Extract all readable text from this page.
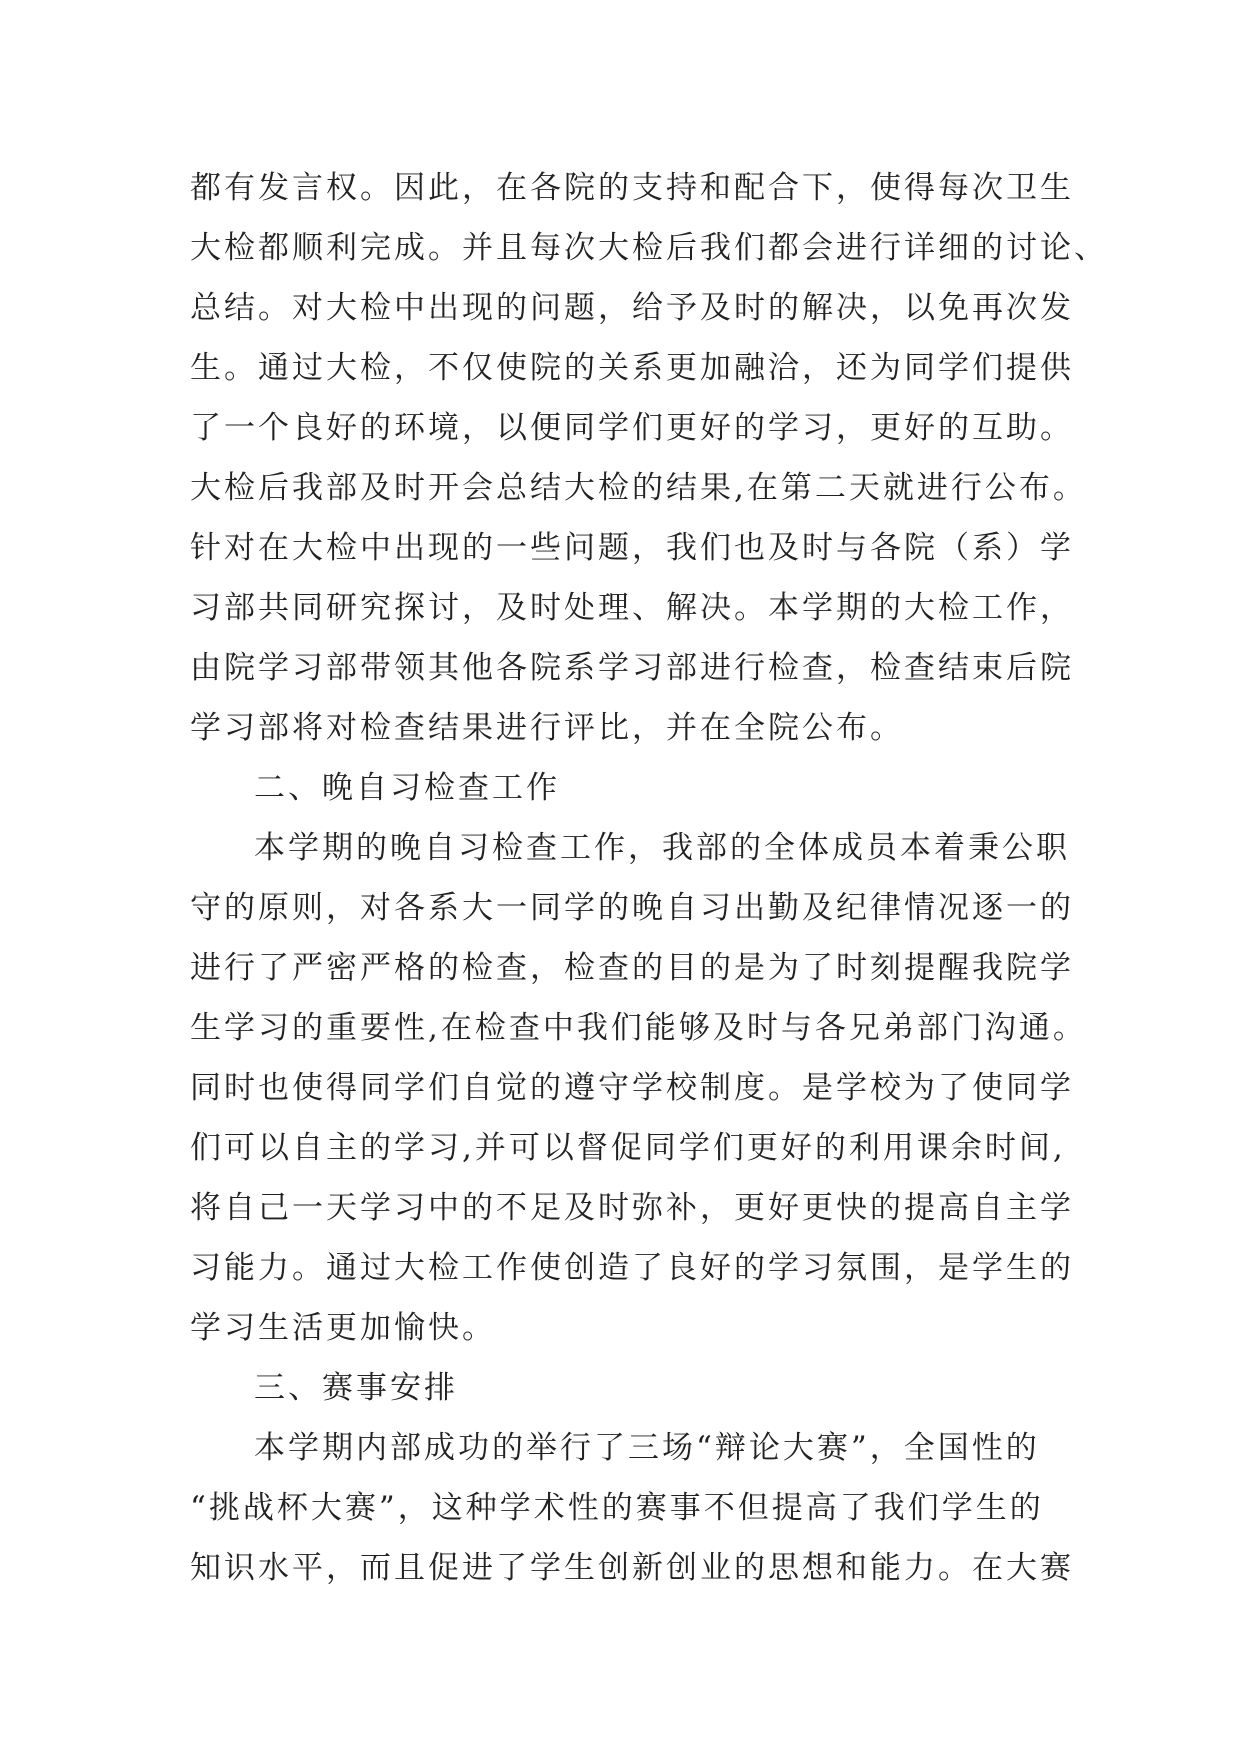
都有发言权。因此，在各院的支持和配合下，使得每次卫生
大检都顺利完成。并且每次大检后我们都会进行详细的讨论、
总结。对大检中出现的问题，给予及时的解决，以免再次发
生。通过大检，不仅使院的关系更加融洽，还为同学们提供
了一个良好的环境，以便同学们更好的学习，更好的互助。
大检后我部及时开会总结大检的结果,在第二天就进行公布。
针对在大检中出现的一些问题，我们也及时与各院（系）学
习部共同研究探讨，及时处理、解决。本学期的大检工作，
由院学习部带领其他各院系学习部进行检查，检查结束后院
学习部将对检查结果进行评比，并在全院公布。
二、晚自习检查工作
本学期的晚自习检查工作，我部的全体成员本着秉公职
守的原则，对各系大一同学的晚自习出勤及纪律情况逐一的
进行了严密严格的检查，检查的目的是为了时刻提醒我院学
生学习的重要性,在检查中我们能够及时与各兄弟部门沟通。
同时也使得同学们自觉的遵守学校制度。是学校为了使同学
们可以自主的学习,并可以督促同学们更好的利用课余时间,
将自己一天学习中的不足及时弥补，更好更快的提高自主学
习能力。通过大检工作使创造了良好的学习氛围，是学生的
学习生活更加愉快。
三、赛事安排
本学期内部成功的举行了三场“辩论大赛”，全国性的
“挑战杯大赛”，这种学术性的赛事不但提高了我们学生的
知识水平，而且促进了学生创新创业的思想和能力。在大赛
